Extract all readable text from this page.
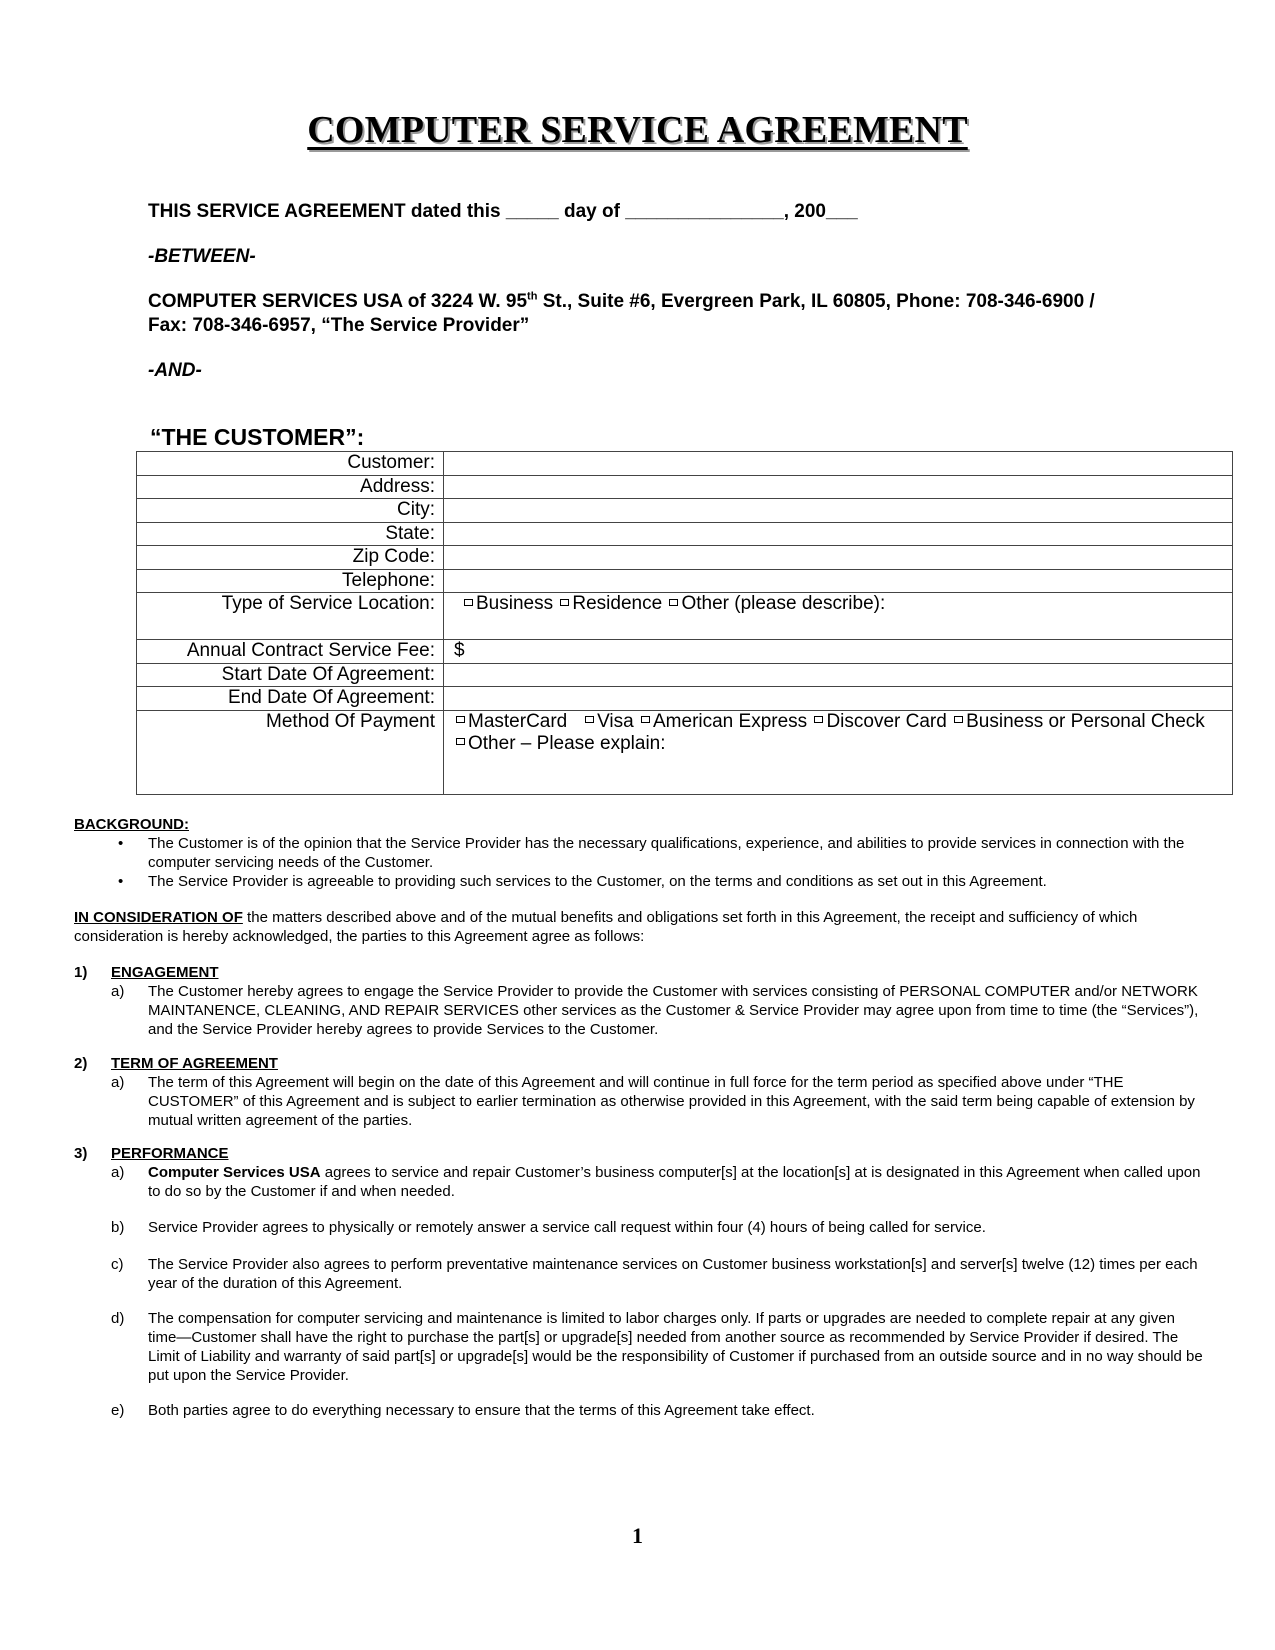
COMPUTER SERVICE AGREEMENT
THIS SERVICE AGREEMENT dated this _____ day of _______________, 200___
-BETWEEN-
COMPUTER SERVICES USA of 3224 W. 95th St., Suite #6, Evergreen Park, IL 60805, Phone: 708-346-6900 /
Fax: 708-346-6957, “The Service Provider”
-AND-
“THE CUSTOMER”:
Customer:	
Address:	
City:	
State:	
Zip Code:	
Telephone:	
Type of Service Location:	Business Residence Other (please describe):
Annual Contract Service Fee:	$
Start Date Of Agreement:	
End Date Of Agreement:	
Method Of Payment	MasterCard Visa American Express Discover Card Business or Personal Check Other – Please explain:
BACKGROUND:
• The Customer is of the opinion that the Service Provider has the necessary qualifications, experience, and abilities to provide services in connection with the computer servicing needs of the Customer.
• The Service Provider is agreeable to providing such services to the Customer, on the terms and conditions as set out in this Agreement.
IN CONSIDERATION OF the matters described above and of the mutual benefits and obligations set forth in this Agreement, the receipt and sufficiency of which consideration is hereby acknowledged, the parties to this Agreement agree as follows:
1) ENGAGEMENT
a) The Customer hereby agrees to engage the Service Provider to provide the Customer with services consisting of PERSONAL COMPUTER and/or NETWORK MAINTANENCE, CLEANING, AND REPAIR SERVICES other services as the Customer & Service Provider may agree upon from time to time (the “Services”), and the Service Provider hereby agrees to provide Services to the Customer.
2) TERM OF AGREEMENT
a) The term of this Agreement will begin on the date of this Agreement and will continue in full force for the term period as specified above under “THE CUSTOMER” of this Agreement and is subject to earlier termination as otherwise provided in this Agreement, with the said term being capable of extension by mutual written agreement of the parties.
3) PERFORMANCE
a) Computer Services USA agrees to service and repair Customer’s business computer[s] at the location[s] at is designated in this Agreement when called upon to do so by the Customer if and when needed.
b) Service Provider agrees to physically or remotely answer a service call request within four (4) hours of being called for service.
c) The Service Provider also agrees to perform preventative maintenance services on Customer business workstation[s] and server[s] twelve (12) times per each year of the duration of this Agreement.
d) The compensation for computer servicing and maintenance is limited to labor charges only. If parts or upgrades are needed to complete repair at any given time—Customer shall have the right to purchase the part[s] or upgrade[s] needed from another source as recommended by Service Provider if desired. The Limit of Liability and warranty of said part[s] or upgrade[s] would be the responsibility of Customer if purchased from an outside source and in no way should be put upon the Service Provider.
e) Both parties agree to do everything necessary to ensure that the terms of this Agreement take effect.
1
